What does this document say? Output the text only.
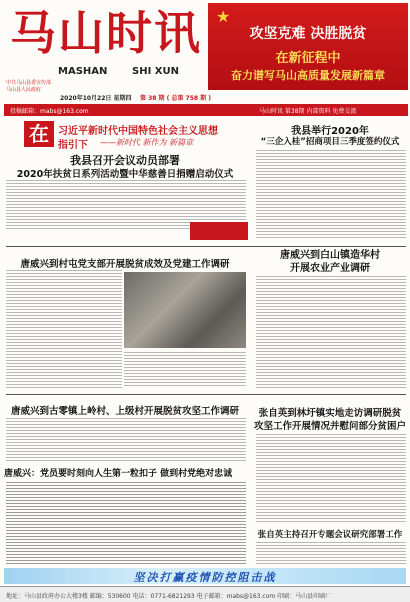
马山时讯
MASHAN SHI XUN
中共马山县委宣传部
马山县人民政府
2020年10月22日 星期四 第 38 期 ( 总第 758 期 )
★
攻坚克难 决胜脱贫
在新征程中
奋力谱写马山高质量发展新篇章
投稿邮箱：mabs@163.com	马山时讯 第38期 内部资料 免费交流
在 习近平新时代中国特色社会主义思想
指引下 ——新时代 新作为 新篇章
我县召开会议动员部署
2020年扶贫日系列活动暨中华慈善日捐赠启动仪式
我县举行2020年
“三企入桂”招商项目三季度签约仪式
唐威兴到村屯党支部开展脱贫成效及党建工作调研
唐威兴到白山镇造华村
开展农业产业调研
唐威兴到古零镇上岭村、上级村开展脱贫攻坚工作调研	张自英到林圩镇实地走访调研脱贫
攻坚工作开展情况并慰问部分贫困户
唐威兴：党员要时刻向人生第一粒扣子 做到村党绝对忠诚
张自英主持召开专题会议研究部署工作
坚决打赢疫情防控阻击战
地址：马山县政府办公大楼3楼 邮编：530600 电话：0771-6821293 电子邮箱：mabs@163.com 印刷：马山县印刷厂
